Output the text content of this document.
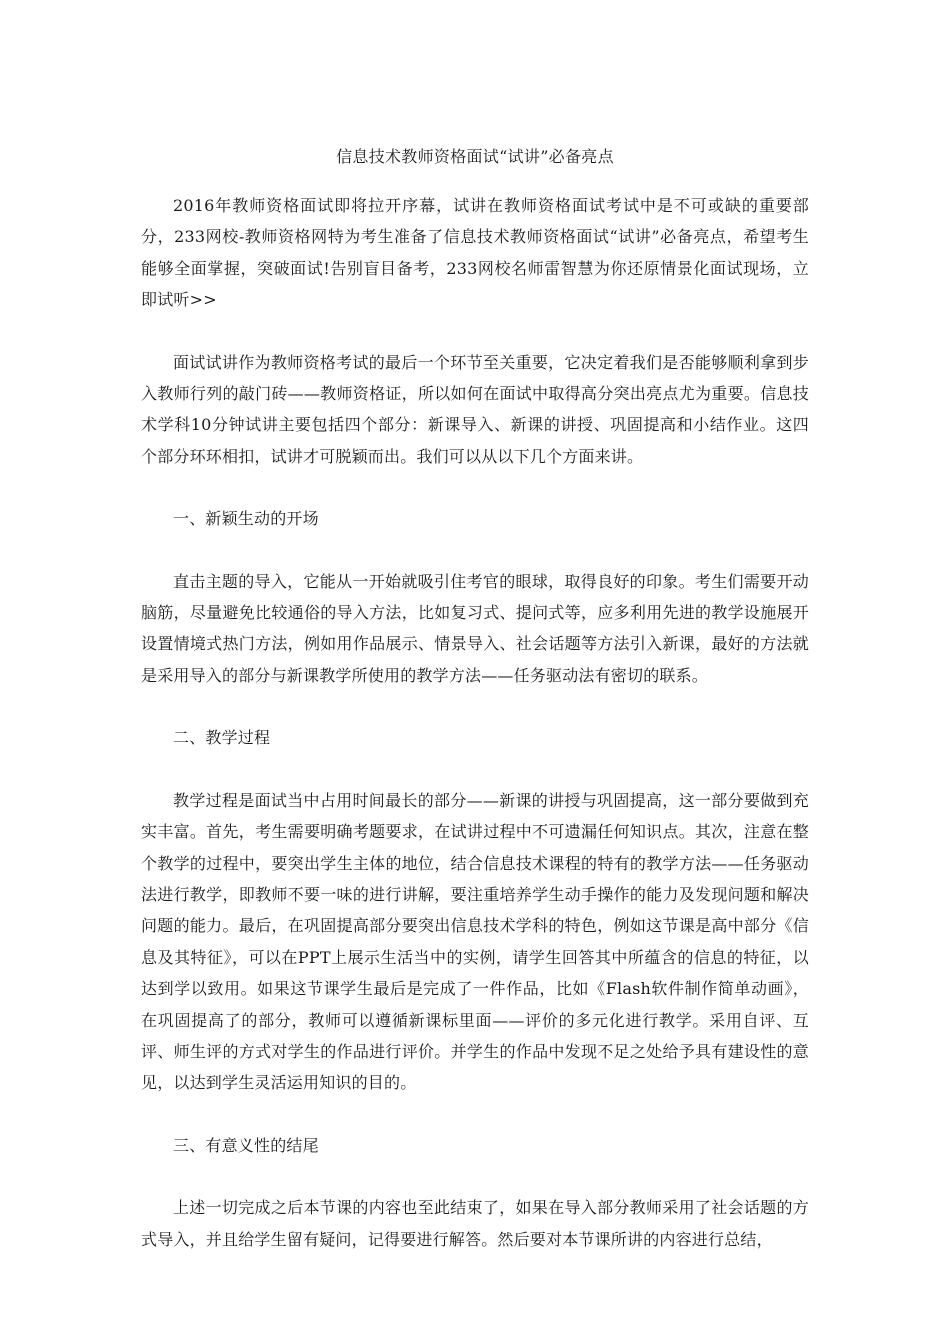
信息技术教师资格面试“试讲”必备亮点

2016年教师资格面试即将拉开序幕，试讲在教师资格面试考试中是不可或缺的重要部分，233网校-教师资格网特为考生准备了信息技术教师资格面试“试讲”必备亮点，希望考生能够全面掌握，突破面试!告别盲目备考，233网校名师雷智慧为你还原情景化面试现场，立即试听>>

面试试讲作为教师资格考试的最后一个环节至关重要，它决定着我们是否能够顺利拿到步入教师行列的敲门砖——教师资格证，所以如何在面试中取得高分突出亮点尤为重要。信息技术学科10分钟试讲主要包括四个部分：新课导入、新课的讲授、巩固提高和小结作业。这四个部分环环相扣，试讲才可脱颖而出。我们可以从以下几个方面来讲。

一、新颖生动的开场

直击主题的导入，它能从一开始就吸引住考官的眼球，取得良好的印象。考生们需要开动脑筋，尽量避免比较通俗的导入方法，比如复习式、提问式等，应多利用先进的教学设施展开设置情境式热门方法，例如用作品展示、情景导入、社会话题等方法引入新课，最好的方法就是采用导入的部分与新课教学所使用的教学方法——任务驱动法有密切的联系。

二、教学过程

教学过程是面试当中占用时间最长的部分——新课的讲授与巩固提高，这一部分要做到充实丰富。首先，考生需要明确考题要求，在试讲过程中不可遗漏任何知识点。其次，注意在整个教学的过程中，要突出学生主体的地位，结合信息技术课程的特有的教学方法——任务驱动法进行教学，即教师不要一味的进行讲解，要注重培养学生动手操作的能力及发现问题和解决问题的能力。最后，在巩固提高部分要突出信息技术学科的特色，例如这节课是高中部分《信息及其特征》，可以在PPT上展示生活当中的实例，请学生回答其中所蕴含的信息的特征，以达到学以致用。如果这节课学生最后是完成了一件作品，比如《Flash软件制作简单动画》，在巩固提高了的部分，教师可以遵循新课标里面——评价的多元化进行教学。采用自评、互评、师生评的方式对学生的作品进行评价。并学生的作品中发现不足之处给予具有建设性的意见，以达到学生灵活运用知识的目的。

三、有意义性的结尾

上述一切完成之后本节课的内容也至此结束了，如果在导入部分教师采用了社会话题的方式导入，并且给学生留有疑问，记得要进行解答。然后要对本节课所讲的内容进行总结，
